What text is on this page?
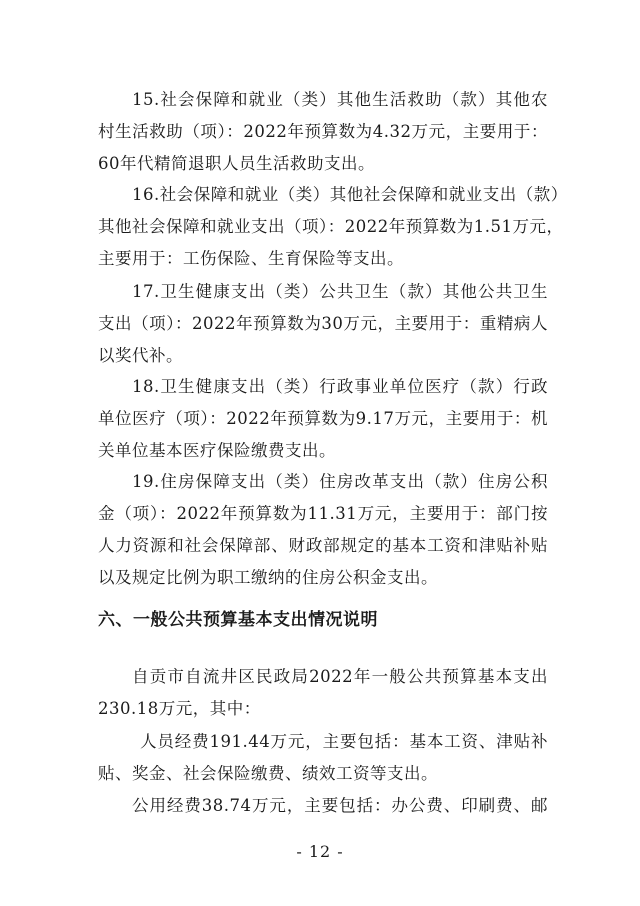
15.社会保障和就业（类）其他生活救助（款）其他农
村生活救助（项）：2022年预算数为4.32万元，主要用于：
60年代精简退职人员生活救助支出。
16.社会保障和就业（类）其他社会保障和就业支出（款）
其他社会保障和就业支出（项）：2022年预算数为1.51万元，
主要用于：工伤保险、生育保险等支出。
17.卫生健康支出（类）公共卫生（款）其他公共卫生
支出（项）：2022年预算数为30万元，主要用于：重精病人
以奖代补。
18.卫生健康支出（类）行政事业单位医疗（款）行政
单位医疗（项）：2022年预算数为9.17万元，主要用于：机
关单位基本医疗保险缴费支出。
19.住房保障支出（类）住房改革支出（款）住房公积
金（项）：2022年预算数为11.31万元，主要用于：部门按
人力资源和社会保障部、财政部规定的基本工资和津贴补贴
以及规定比例为职工缴纳的住房公积金支出。
六、一般公共预算基本支出情况说明
自贡市自流井区民政局2022年一般公共预算基本支出
230.18万元，其中：
人员经费191.44万元，主要包括：基本工资、津贴补
贴、奖金、社会保险缴费、绩效工资等支出。
公用经费38.74万元，主要包括：办公费、印刷费、邮
- 12 -
